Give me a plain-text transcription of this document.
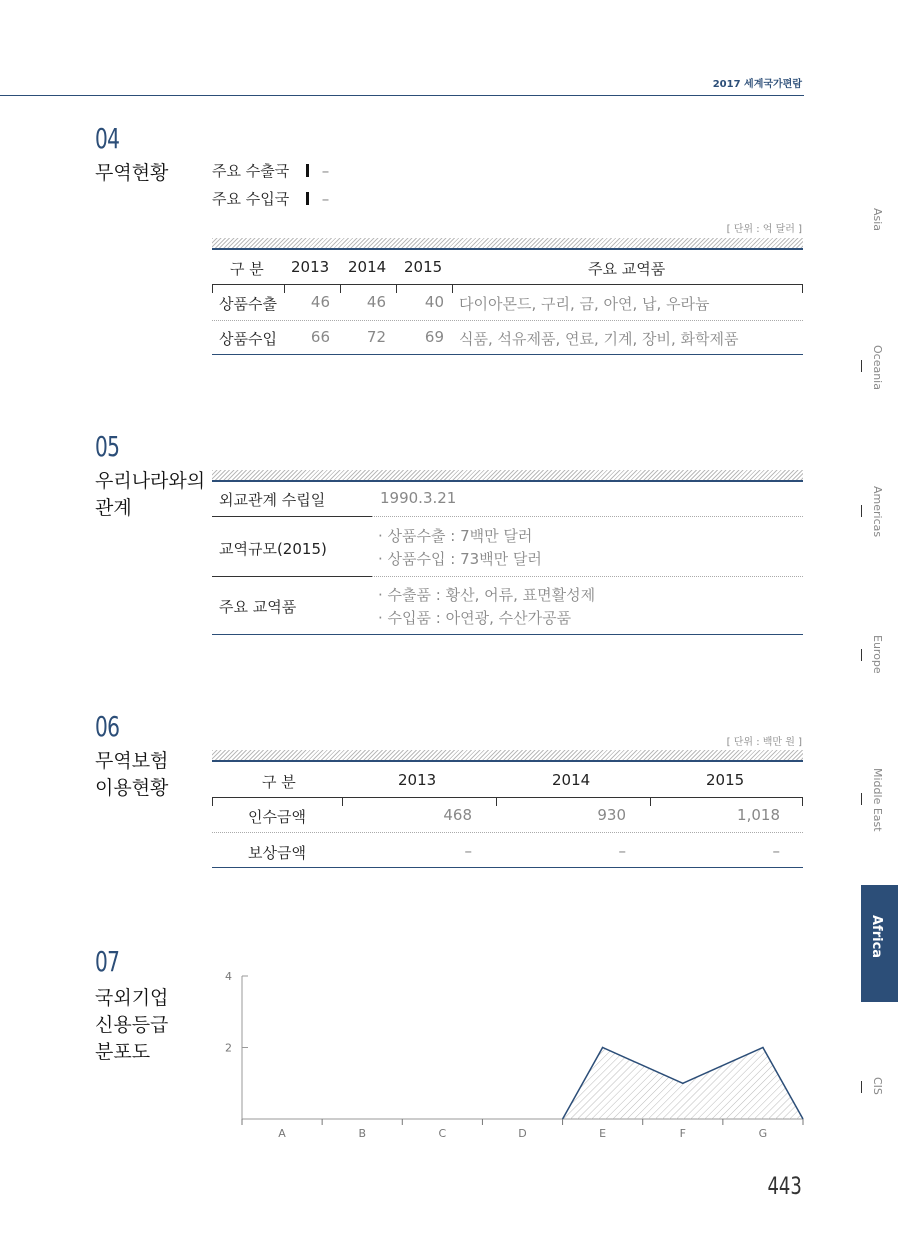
2017 세계국가편람
04
무역현황	주요 수출국 –
주요 수입국 –
[ 단위 : 억 달러 ]
구 분 2013 2014 2015	주요 교역품
상품수출	46	46	40 다이아몬드, 구리, 금, 아연, 납, 우라늄
상품수입	66	72	69 식품, 석유제품, 연료, 기계, 장비, 화학제품
05
우리나라와의
관계	외교관계 수립일	1990.3.21
교역규모(2015)
· 상품수출 : 7백만 달러
· 상품수입 : 73백만 달러
주요 교역품
· 수출품 : 황산, 어류, 표면활성제
· 수입품 : 아연광, 수산가공품
06
무역보험
이용현황
[ 단위 : 백만 원 ]
구 분	2013	2014	2015
인수금액	468	930	1,018
보상금액	–	–	–
07
국외기업
신용등급
분포도
4
2
A	B	C	D	E	F	G
Asia
Oceania
Americas
Europe
Middle East
Africa
CIS
443
